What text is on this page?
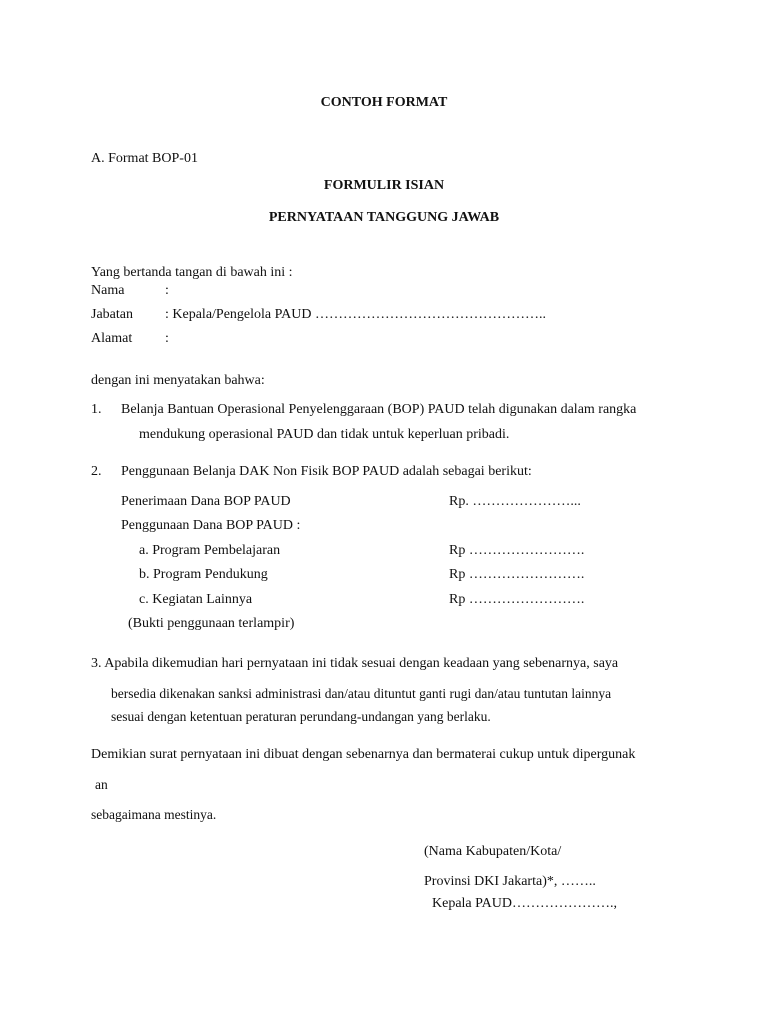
CONTOH FORMAT
A. Format BOP-01
FORMULIR ISIAN
PERNYATAAN TANGGUNG JAWAB
Yang bertanda tangan di bawah ini :
Nama	:
Jabatan : Kepala/Pengelola PAUD …………………………………………..
Alamat :
dengan ini menyatakan bahwa:
1. Belanja Bantuan Operasional Penyelenggaraan (BOP) PAUD telah digunakan dalam rangka
mendukung operasional PAUD dan tidak untuk keperluan pribadi.
2. Penggunaan Belanja DAK Non Fisik BOP PAUD adalah sebagai berikut:
Penerimaan Dana BOP PAUD	Rp. …………………...
Penggunaan Dana BOP PAUD :
a. Program Pembelajaran	Rp …………………….
b. Program Pendukung	Rp …………………….
c. Kegiatan Lainnya	Rp …………………….
(Bukti penggunaan terlampir)
3. Apabila dikemudian hari pernyataan ini tidak sesuai dengan keadaan yang sebenarnya, saya
bersedia dikenakan sanksi administrasi dan/atau dituntut ganti rugi dan/atau tuntutan lainnya
sesuai dengan ketentuan peraturan perundang-undangan yang berlaku.
Demikian surat pernyataan ini dibuat dengan sebenarnya dan bermaterai cukup untuk dipergunak
an
sebagaimana mestinya.
(Nama Kabupaten/Kota/
Provinsi DKI Jakarta)*, ……..
Kepala PAUD………………….,
